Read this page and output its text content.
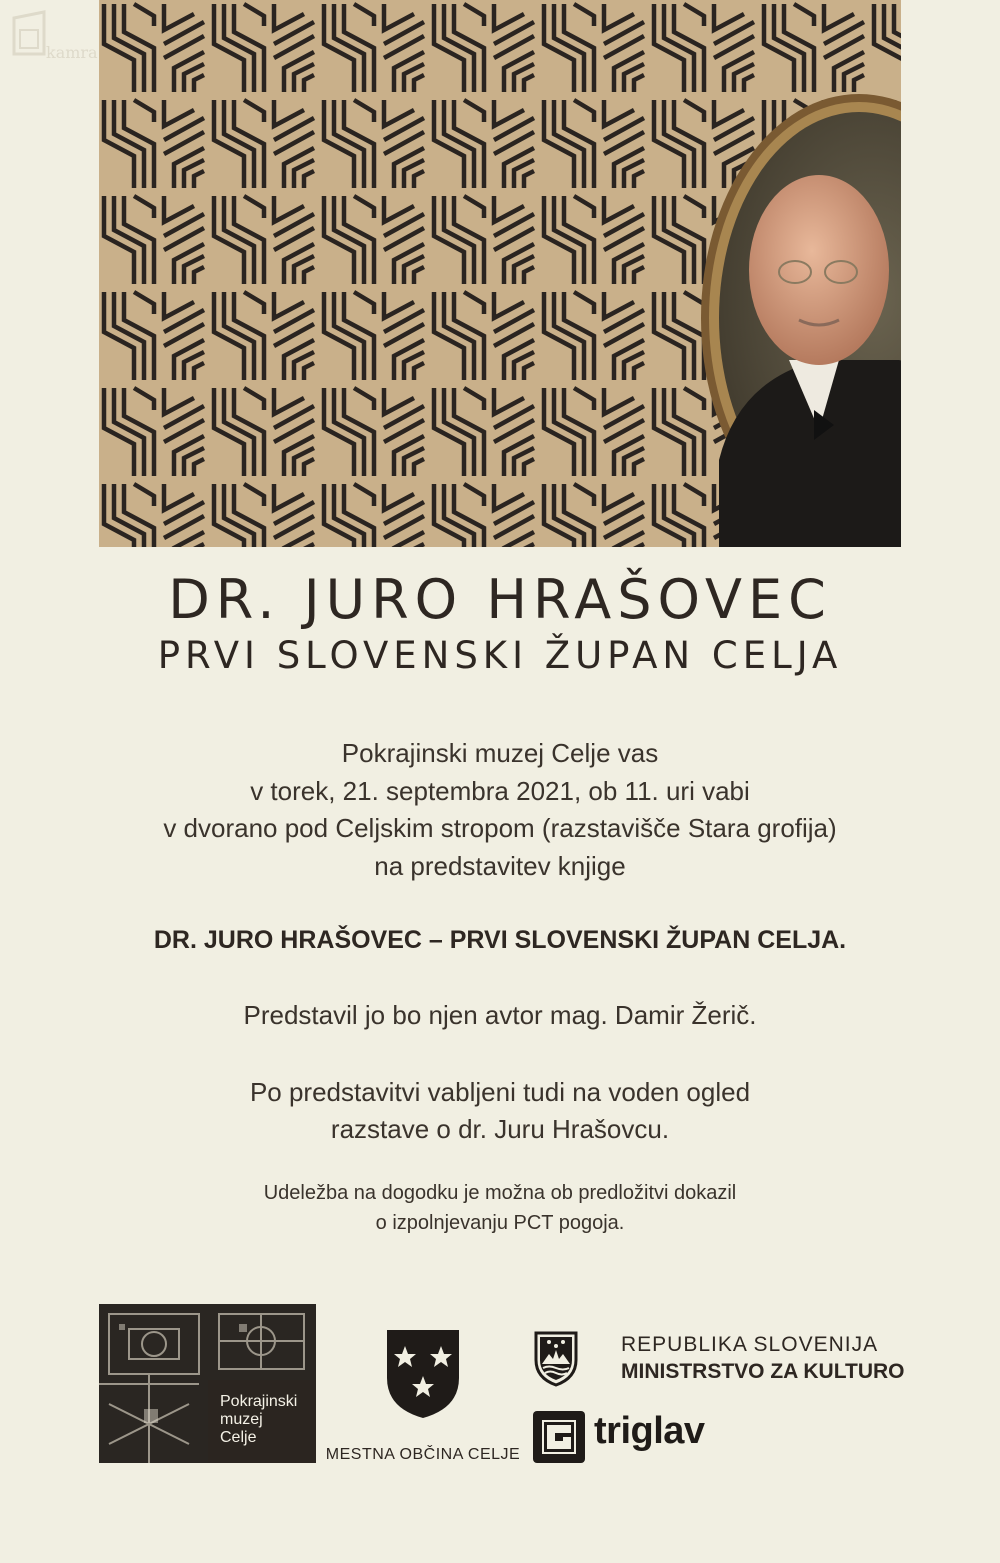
kamra
DR. JURO HRAŠOVEC
PRVI SLOVENSKI ŽUPAN CELJA
Pokrajinski muzej Celje vas
v torek, 21. septembra 2021, ob 11. uri vabi
v dvorano pod Celjskim stropom (razstavišče Stara grofija)
na predstavitev knjige
DR. JURO HRAŠOVEC – PRVI SLOVENSKI ŽUPAN CELJA.
Predstavil jo bo njen avtor mag. Damir Žerič.
Po predstavitvi vabljeni tudi na voden ogled
razstave o dr. Juru Hrašovcu.
Udeležba na dogodku je možna ob predložitvi dokazil
o izpolnjevanju PCT pogoja.
Pokrajinski
muzej
Celje
MESTNA OBČINA CELJE
REPUBLIKA SLOVENIJA
MINISTRSTVO ZA KULTURO
triglav
